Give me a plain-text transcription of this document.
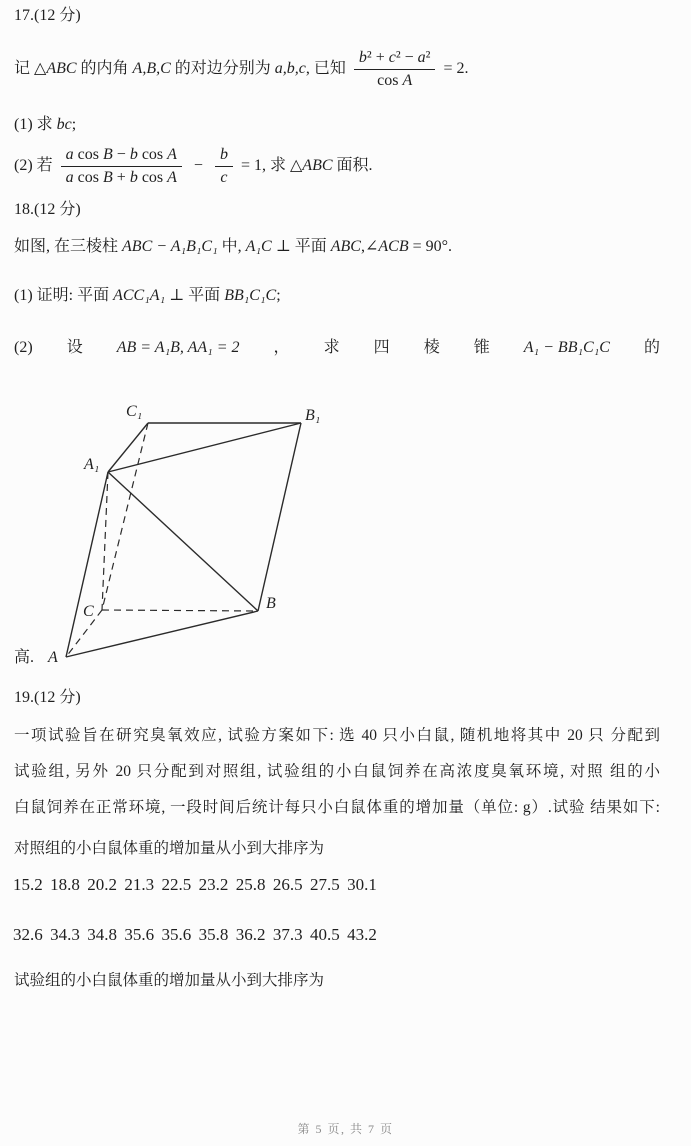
17.(12 分)
记 △ABC 的内角 A,B,C 的对边分别为 a,b,c, 已知 $\frac{\text{b² + c² − a²}}{\text{cos A}} = 2$.
(1) 求 bc;
(2) 若 $\frac{\text{a cos B − b cos A}}{\text{a cos B + b cos A}} - \frac{b}{c} = 1$, 求 △ABC 面积.
18.(12 分)
如图, 在三棱柱 ABC − A₁B₁C₁ 中, A₁C ⊥ 平面 ABC,∠ACB = 90°.
(1) 证明: 平面 ACC₁A₁ ⊥ 平面 BB₁C₁C;
(2) 设 AB = A₁B, AA₁ = 2 ， 求 四 棱 锥 A₁ − BB₁C₁C 的
C₁	B₁
A₁
C	B
A
高.
19.(12 分)
一项试验旨在研究臭氧效应, 试验方案如下: 选 40 只小白鼠, 随机地将其中 20 只 分配到
试验组, 另外 20 只分配到对照组, 试验组的小白鼠饲养在高浓度臭氧环境, 对照 组的小
白鼠饲养在正常环境, 一段时间后统计每只小白鼠体重的增加量（单位: g）.试验 结果如下:
对照组的小白鼠体重的增加量从小到大排序为
15.2 18.8 20.2 21.3 22.5 23.2 25.8 26.5 27.5 30.1
32.6 34.3 34.8 35.6 35.6 35.8 36.2 37.3 40.5 43.2
试验组的小白鼠体重的增加量从小到大排序为
第 5 页, 共 7 页
